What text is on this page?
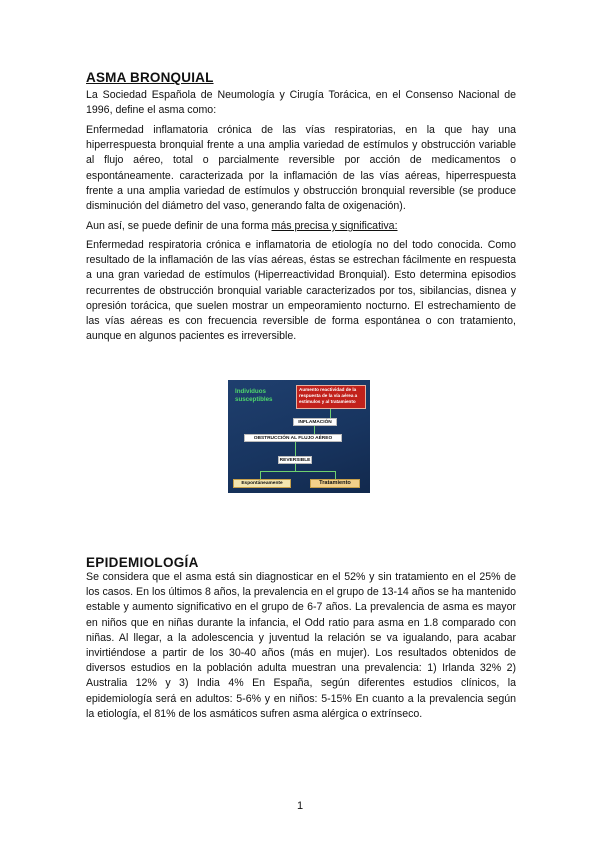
ASMA BRONQUIAL

La Sociedad Española de Neumología y Cirugía Torácica, en el Consenso Nacional de 1996, define el asma como:

Enfermedad inflamatoria crónica de las vías respiratorias, en la que hay una hiperrespuesta bronquial frente a una amplia variedad de estímulos y obstrucción variable al flujo aéreo, total o parcialmente reversible por acción de medicamentos o espontáneamente. caracterizada por la inflamación de las vías aéreas, hiperrespuesta frente a una amplia variedad de estímulos y obstrucción bronquial reversible (se produce disminución del diámetro del vaso, generando falta de oxigenación).

Aun así, se puede definir de una forma más precisa y significativa:

Enfermedad respiratoria crónica e inflamatoria de etiología no del todo conocida. Como resultado de la inflamación de las vías aéreas, éstas se estrechan fácilmente en respuesta a una gran variedad de estímulos (Hiperreactividad Bronquial). Esto determina episodios recurrentes de obstrucción bronquial variable caracterizados por tos, sibilancias, disnea y opresión torácica, que suelen mostrar un empeoramiento nocturno. El estrechamiento de las vías aéreas es con frecuencia reversible de forma espontánea o con tratamiento, aunque en algunos pacientes es irreversible.

Individuos susceptibles
Aumento reactividad de la respuesta de la vía aérea a estímulos y al tratamiento
INFLAMACIÓN
OBSTRUCCIÓN AL FLUJO AÉREO
REVERSIBLE
Espontáneamente	Tratamiento
EPIDEMIOLOGÍA

Se considera que el asma está sin diagnosticar en el 52% y sin tratamiento en el 25% de los casos. En los últimos 8 años, la prevalencia en el grupo de 13-14 años se ha mantenido estable y aumento significativo en el grupo de 6-7 años. La prevalencia de asma es mayor en niños que en niñas durante la infancia, el Odd ratio para asma en 1.8 comparado con niñas. Al llegar, a la adolescencia y juventud la relación se va igualando, para acabar invirtiéndose a partir de los 30-40 años (más en mujer). Los resultados obtenidos de diversos estudios en la población adulta muestran una prevalencia: 1) Irlanda 32% 2) Australia 12% y 3) India 4% En España, según diferentes estudios clínicos, la epidemiología será en adultos: 5-6% y en niños: 5-15% En cuanto a la prevalencia según la etiología, el 81% de los asmáticos sufren asma alérgica o extrínseco.

1
